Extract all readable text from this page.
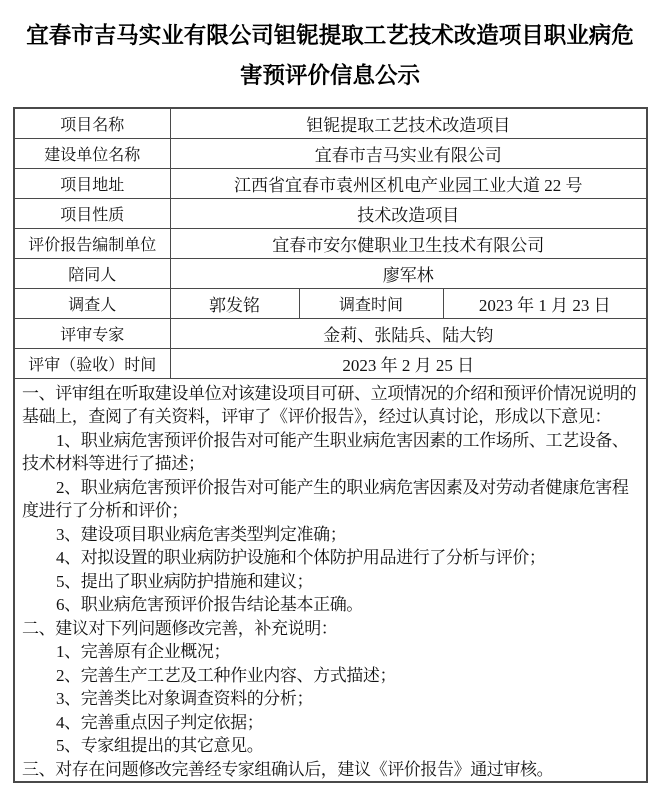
宜春市吉马实业有限公司钽铌提取工艺技术改造项目职业病危
害预评价信息公示
项目名称	钽铌提取工艺技术改造项目		
建设单位名称	宜春市吉马实业有限公司		
项目地址	江西省宜春市袁州区机电产业园工业大道 22 号		
项目性质	技术改造项目		
评价报告编制单位	宜春市安尔健职业卫生技术有限公司		
陪同人	廖军林		
调查人	郭发铭	调查时间	2023 年 1 月 23 日
评审专家	金莉、张陆兵、陆大钧		
评审（验收）时间	2023 年 2 月 25 日		

一、评审组在听取建设单位对该建设项目可研、立项情况的介绍和预评价情况说明的基础上，查阅了有关资料，评审了《评价报告》，经过认真讨论，形成以下意见：

1、职业病危害预评价报告对可能产生职业病危害因素的工作场所、工艺设备、技术材料等进行了描述；

2、职业病危害预评价报告对可能产生的职业病危害因素及对劳动者健康危害程度进行了分析和评价；

3、建设项目职业病危害类型判定准确；

4、对拟设置的职业病防护设施和个体防护用品进行了分析与评价；

5、提出了职业病防护措施和建议；

6、职业病危害预评价报告结论基本正确。

二、建议对下列问题修改完善，补充说明：

1、完善原有企业概况；

2、完善生产工艺及工种作业内容、方式描述；

3、完善类比对象调查资料的分析；

4、完善重点因子判定依据；

5、专家组提出的其它意见。

三、对存在问题修改完善经专家组确认后，建议《评价报告》通过审核。
